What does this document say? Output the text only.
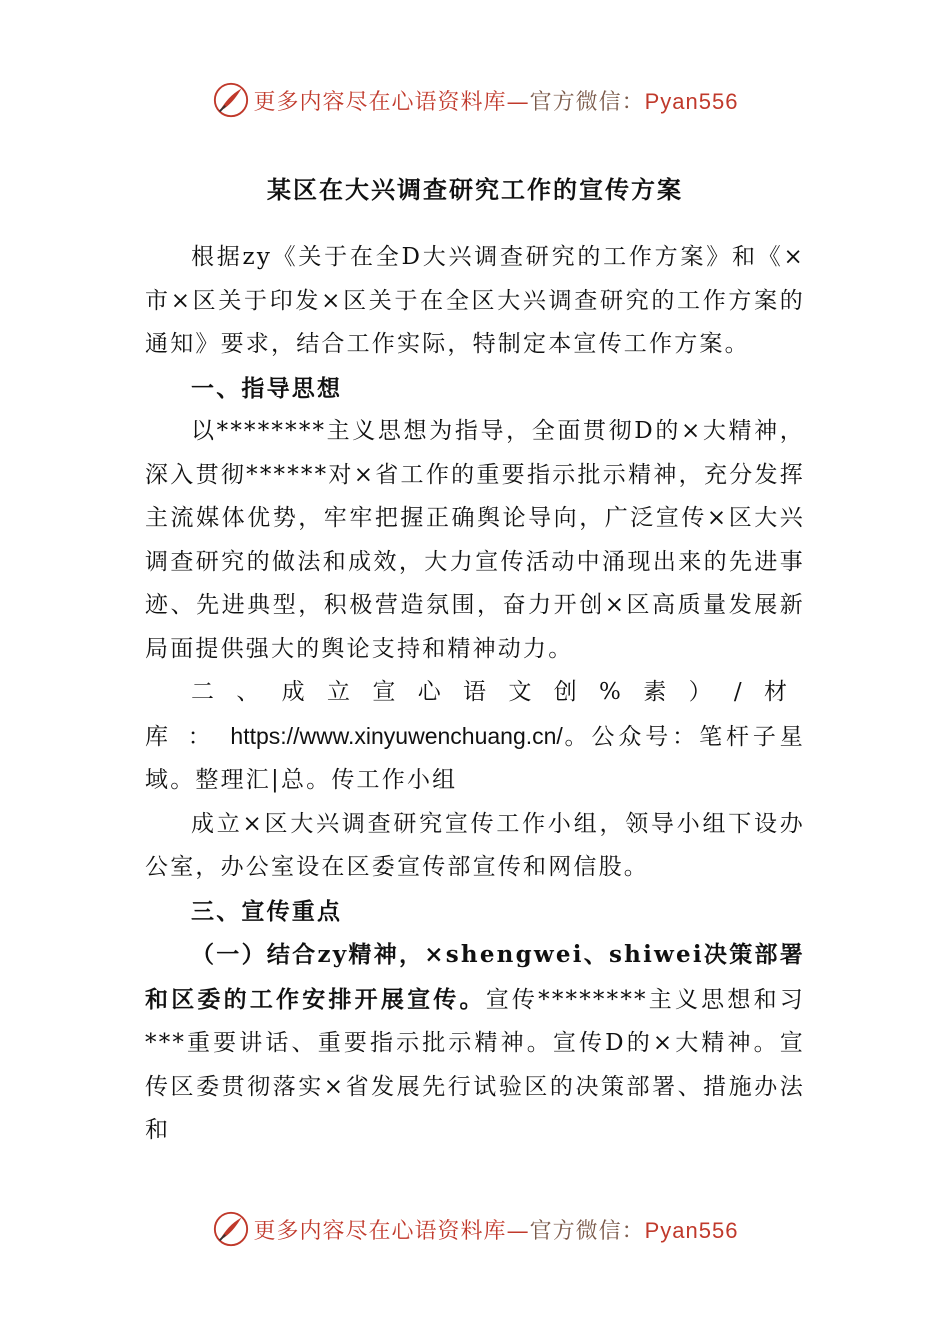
更多内容尽在心语资料库—官方微信：Pyan556
某区在大兴调查研究工作的宣传方案

根据zy《关于在全D大兴调查研究的工作方案》和《×市×区关于印发×区关于在全区大兴调查研究的工作方案的通知》要求，结合工作实际，特制定本宣传工作方案。

一、指导思想

以********主义思想为指导，全面贯彻D的×大精神，深入贯彻******对×省工作的重要指示批示精神，充分发挥主流媒体优势，牢牢把握正确舆论导向，广泛宣传×区大兴调查研究的做法和成效，大力宣传活动中涌现出来的先进事迹、先进典型，积极营造氛围，奋力开创×区高质量发展新局面提供强大的舆论支持和精神动力。

二、成立宣心语文创%素）/材库：https://www.xinyuwenchuang.cn/。公众号：笔杆子星域。整理汇|总。传工作小组

成立×区大兴调查研究宣传工作小组，领导小组下设办公室，办公室设在区委宣传部宣传和网信股。

三、宣传重点

（一）结合zy精神，×shengwei、shiwei决策部署和区委的工作安排开展宣传。宣传********主义思想和习***重要讲话、重要指示批示精神。宣传D的×大精神。宣传区委贯彻落实×省发展先行试验区的决策部署、措施办法和

更多内容尽在心语资料库—官方微信：Pyan556
